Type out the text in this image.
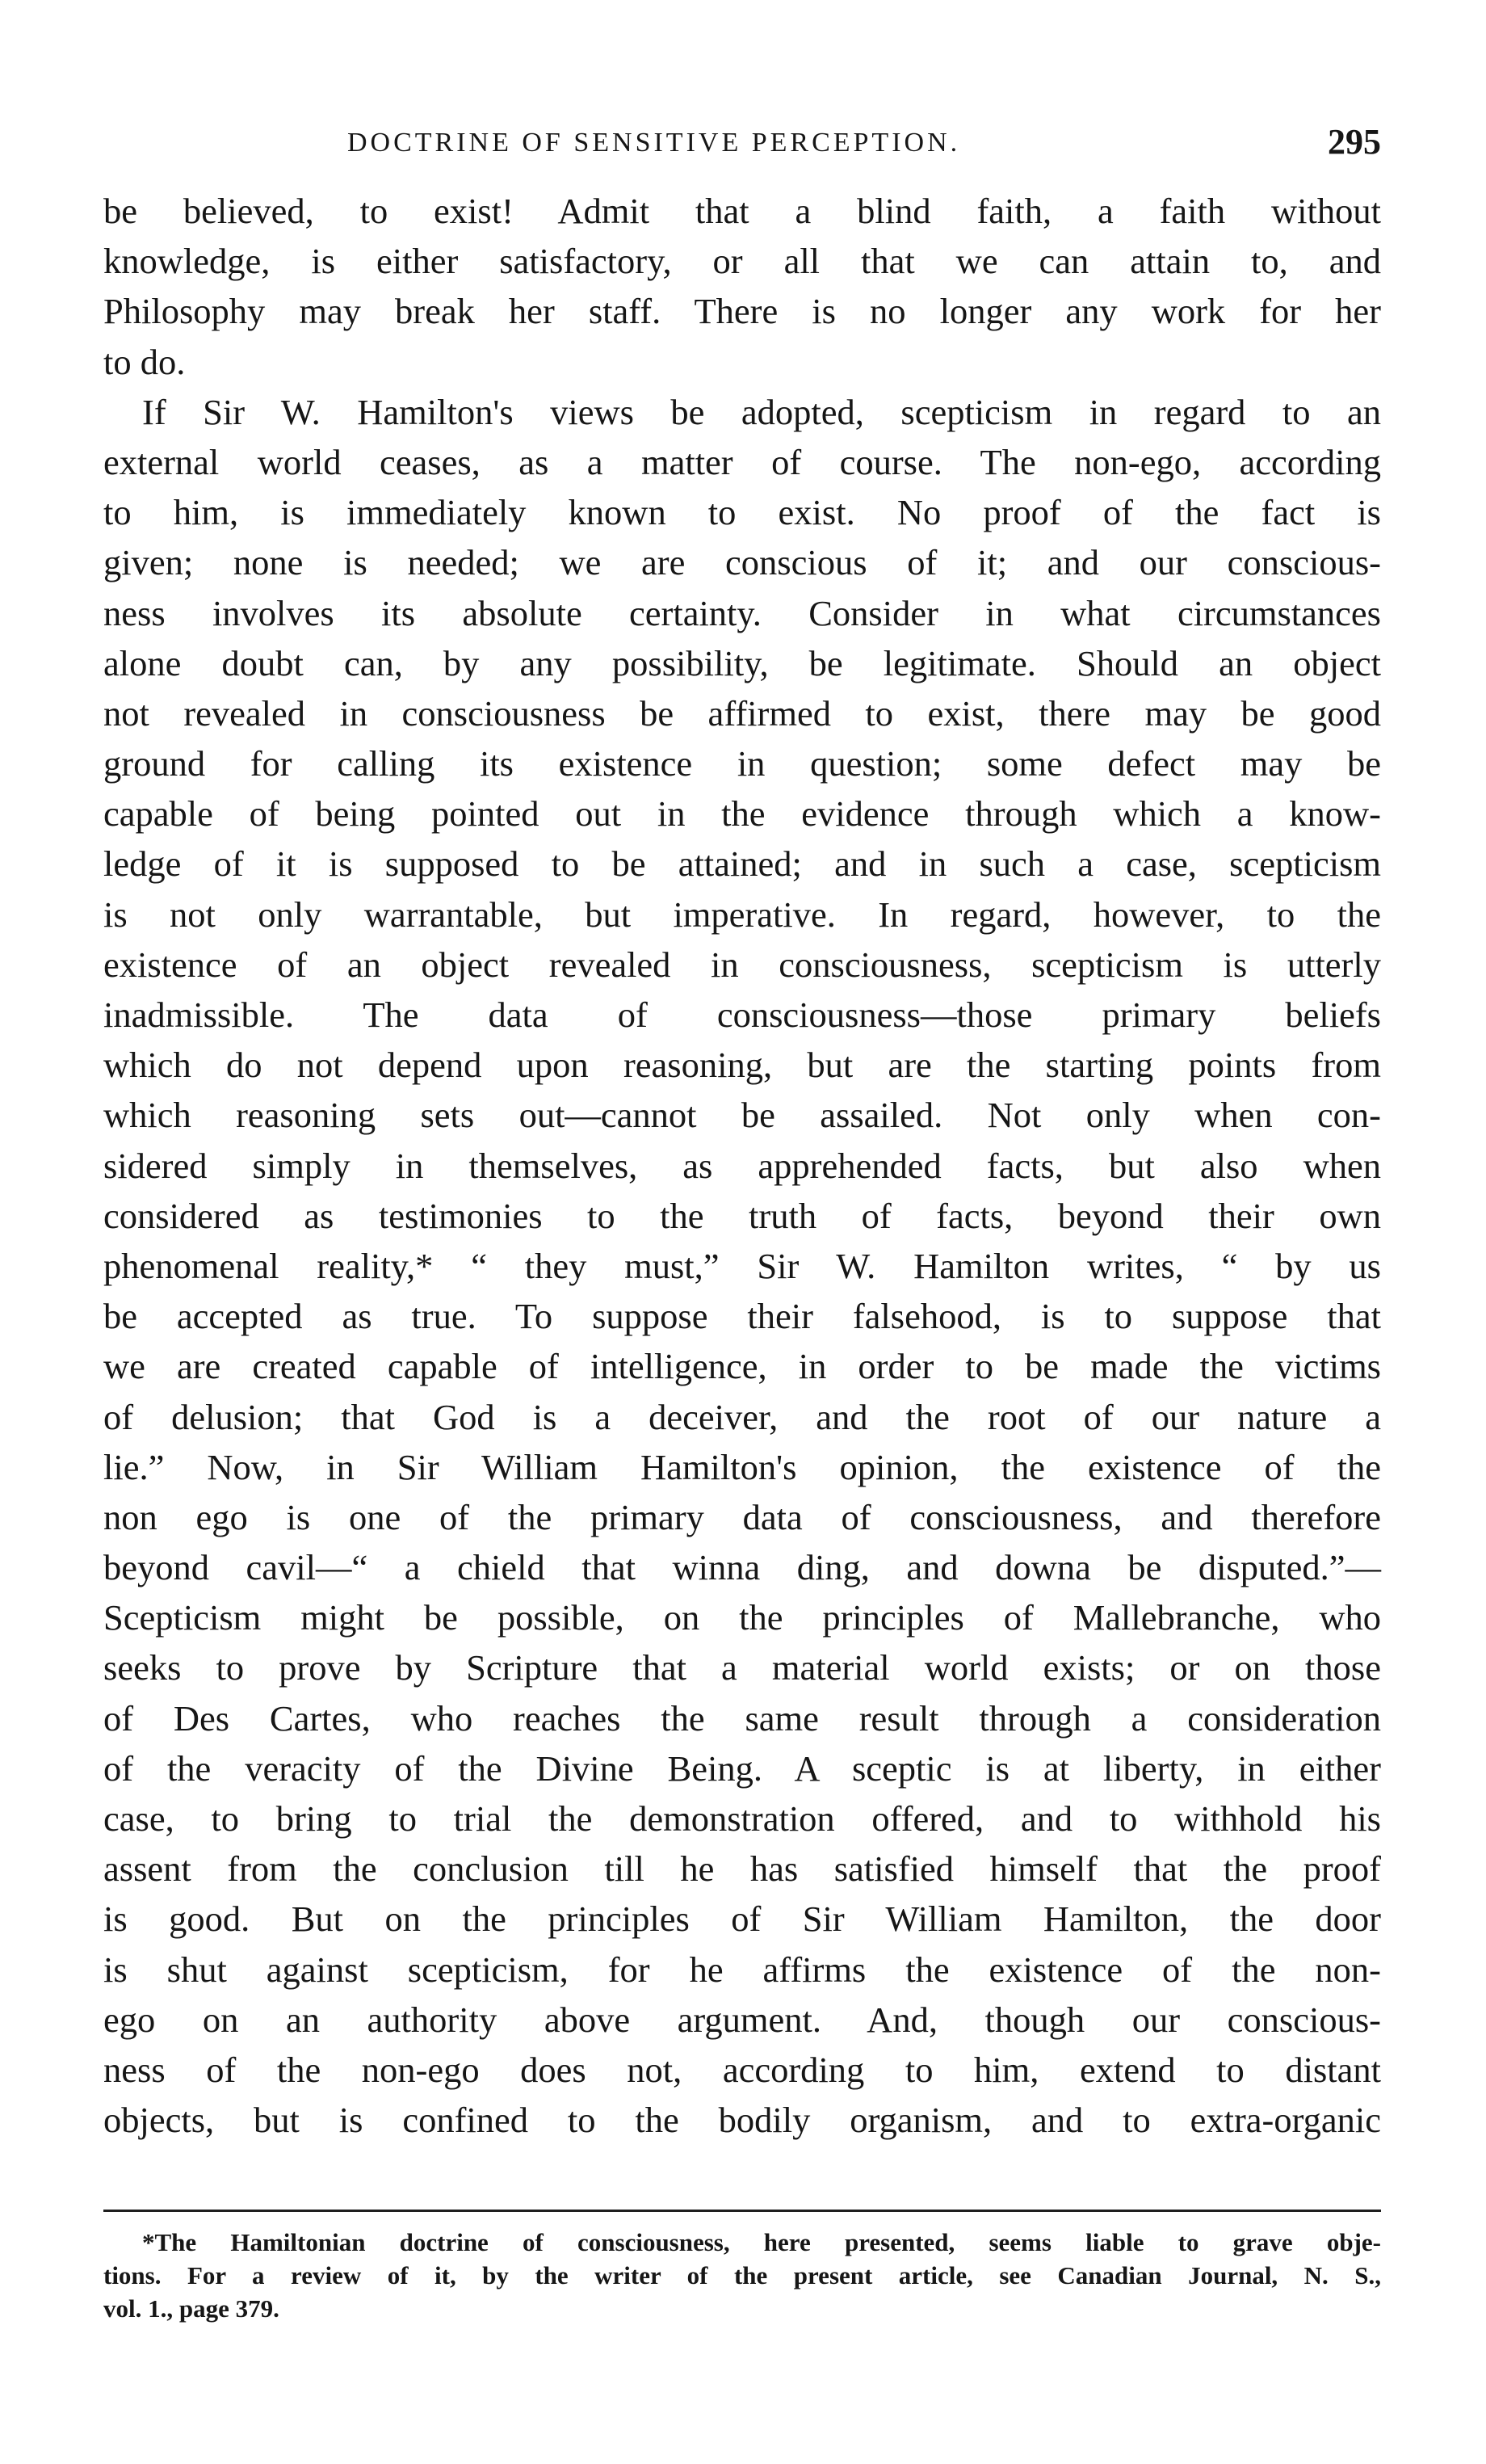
DOCTRINE OF SENSITIVE PERCEPTION.	295
be believed, to exist! Admit that a blind faith, a faith without
knowledge, is either satisfactory, or all that we can attain to, and
Philosophy may break her staff. There is no longer any work for her
to do.
If Sir W. Hamilton's views be adopted, scepticism in regard to an
external world ceases, as a matter of course. The non-ego, according
to him, is immediately known to exist. No proof of the fact is
given; none is needed; we are conscious of it; and our conscious-
ness involves its absolute certainty. Consider in what circumstances
alone doubt can, by any possibility, be legitimate. Should an object
not revealed in consciousness be affirmed to exist, there may be good
ground for calling its existence in question; some defect may be
capable of being pointed out in the evidence through which a know-
ledge of it is supposed to be attained; and in such a case, scepticism
is not only warrantable, but imperative. In regard, however, to the
existence of an object revealed in consciousness, scepticism is utterly
inadmissible. The data of consciousness—those primary beliefs
which do not depend upon reasoning, but are the starting points from
which reasoning sets out—cannot be assailed. Not only when con-
sidered simply in themselves, as apprehended facts, but also when
considered as testimonies to the truth of facts, beyond their own
phenomenal reality,* “ they must,” Sir W. Hamilton writes, “ by us
be accepted as true. To suppose their falsehood, is to suppose that
we are created capable of intelligence, in order to be made the victims
of delusion; that God is a deceiver, and the root of our nature a
lie.” Now, in Sir William Hamilton's opinion, the existence of the
non ego is one of the primary data of consciousness, and therefore
beyond cavil—“ a chield that winna ding, and downa be disputed.”—
Scepticism might be possible, on the principles of Mallebranche, who
seeks to prove by Scripture that a material world exists; or on those
of Des Cartes, who reaches the same result through a consideration
of the veracity of the Divine Being. A sceptic is at liberty, in either
case, to bring to trial the demonstration offered, and to withhold his
assent from the conclusion till he has satisfied himself that the proof
is good. But on the principles of Sir William Hamilton, the door
is shut against scepticism, for he affirms the existence of the non-
ego on an authority above argument. And, though our conscious-
ness of the non-ego does not, according to him, extend to distant
objects, but is confined to the bodily organism, and to extra-organic
*The Hamiltonian doctrine of consciousness, here presented, seems liable to grave obje-
tions. For a review of it, by the writer of the present article, see Canadian Journal, N. S.,
vol. 1., page 379.
